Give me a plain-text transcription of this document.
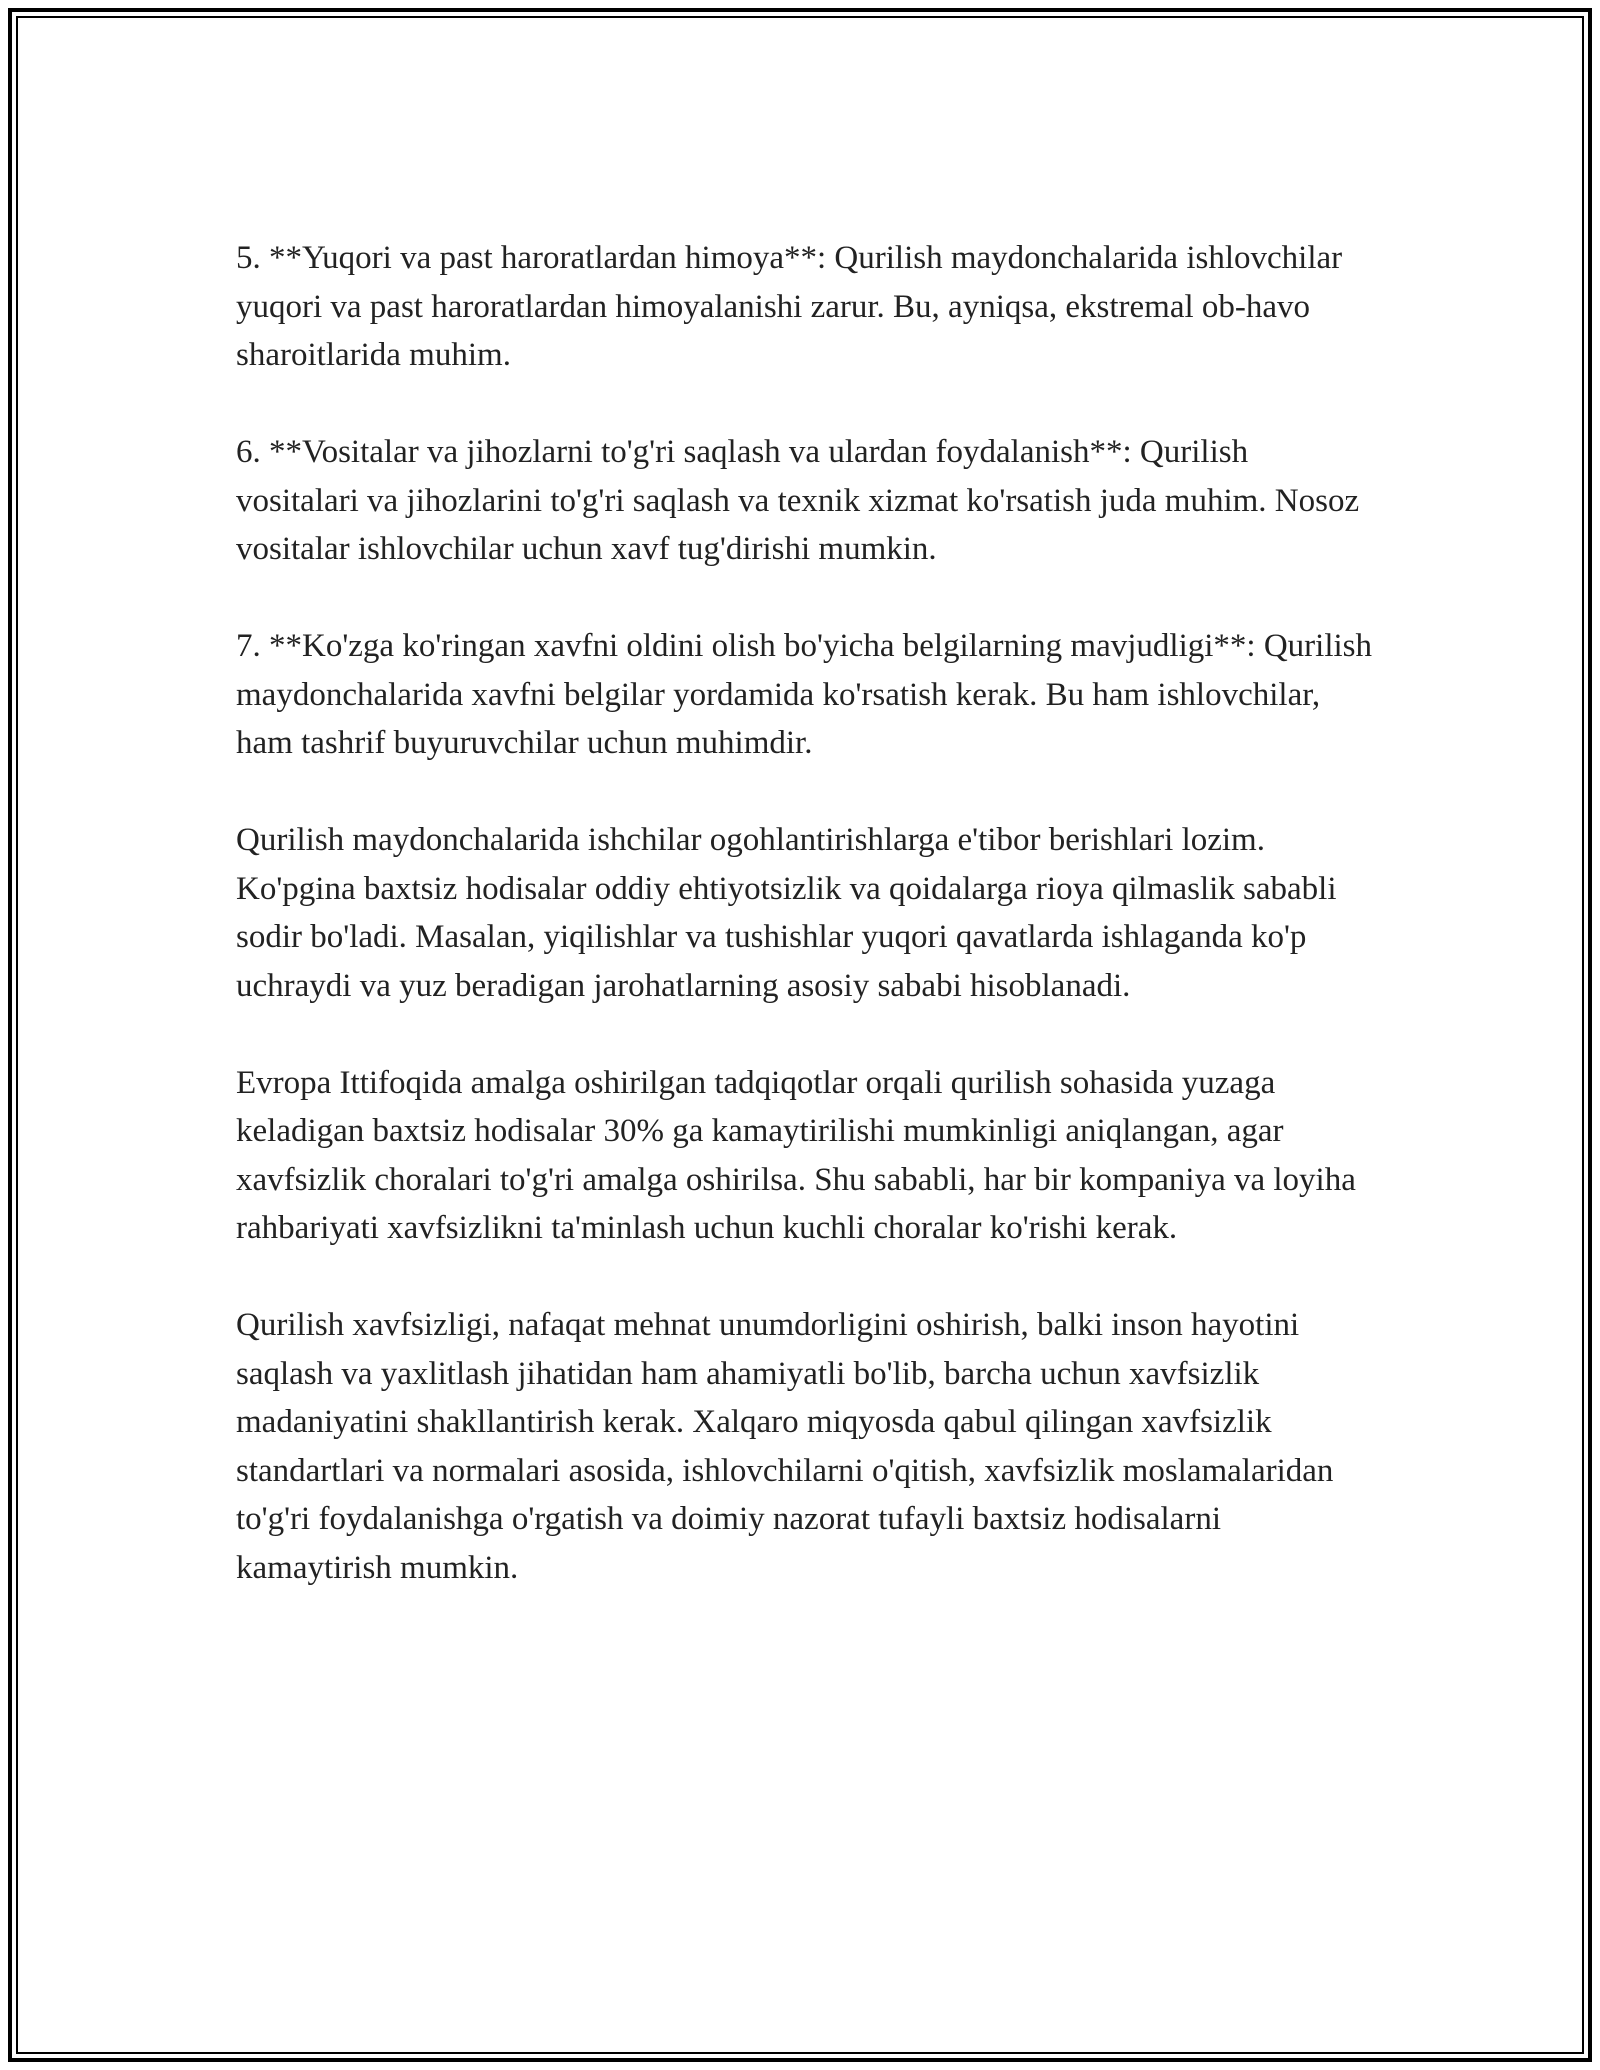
5. **Yuqori va past haroratlardan himoya**: Qurilish maydonchalarida ishlovchilar yuqori va past haroratlardan himoyalanishi zarur. Bu, ayniqsa, ekstremal ob-havo sharoitlarida muhim.

6. **Vositalar va jihozlarni to'g'ri saqlash va ulardan foydalanish**: Qurilish vositalari va jihozlarini to'g'ri saqlash va texnik xizmat ko'rsatish juda muhim. Nosoz vositalar ishlovchilar uchun xavf tug'dirishi mumkin.

7. **Ko'zga ko'ringan xavfni oldini olish bo'yicha belgilarning mavjudligi**: Qurilish maydonchalarida xavfni belgilar yordamida ko'rsatish kerak. Bu ham ishlovchilar, ham tashrif buyuruvchilar uchun muhimdir.

Qurilish maydonchalarida ishchilar ogohlantirishlarga e'tibor berishlari lozim. Ko'pgina baxtsiz hodisalar oddiy ehtiyotsizlik va qoidalarga rioya qilmaslik sababli sodir bo'ladi. Masalan, yiqilishlar va tushishlar yuqori qavatlarda ishlaganda ko'p uchraydi va yuz beradigan jarohatlarning asosiy sababi hisoblanadi.

Evropa Ittifoqida amalga oshirilgan tadqiqotlar orqali qurilish sohasida yuzaga keladigan baxtsiz hodisalar 30% ga kamaytirilishi mumkinligi aniqlangan, agar xavfsizlik choralari to'g'ri amalga oshirilsa. Shu sababli, har bir kompaniya va loyiha rahbariyati xavfsizlikni ta'minlash uchun kuchli choralar ko'rishi kerak.

Qurilish xavfsizligi, nafaqat mehnat unumdorligini oshirish, balki inson hayotini saqlash va yaxlitlash jihatidan ham ahamiyatli bo'lib, barcha uchun xavfsizlik madaniyatini shakllantirish kerak. Xalqaro miqyosda qabul qilingan xavfsizlik standartlari va normalari asosida, ishlovchilarni o'qitish, xavfsizlik moslamalaridan to'g'ri foydalanishga o'rgatish va doimiy nazorat tufayli baxtsiz hodisalarni kamaytirish mumkin.
